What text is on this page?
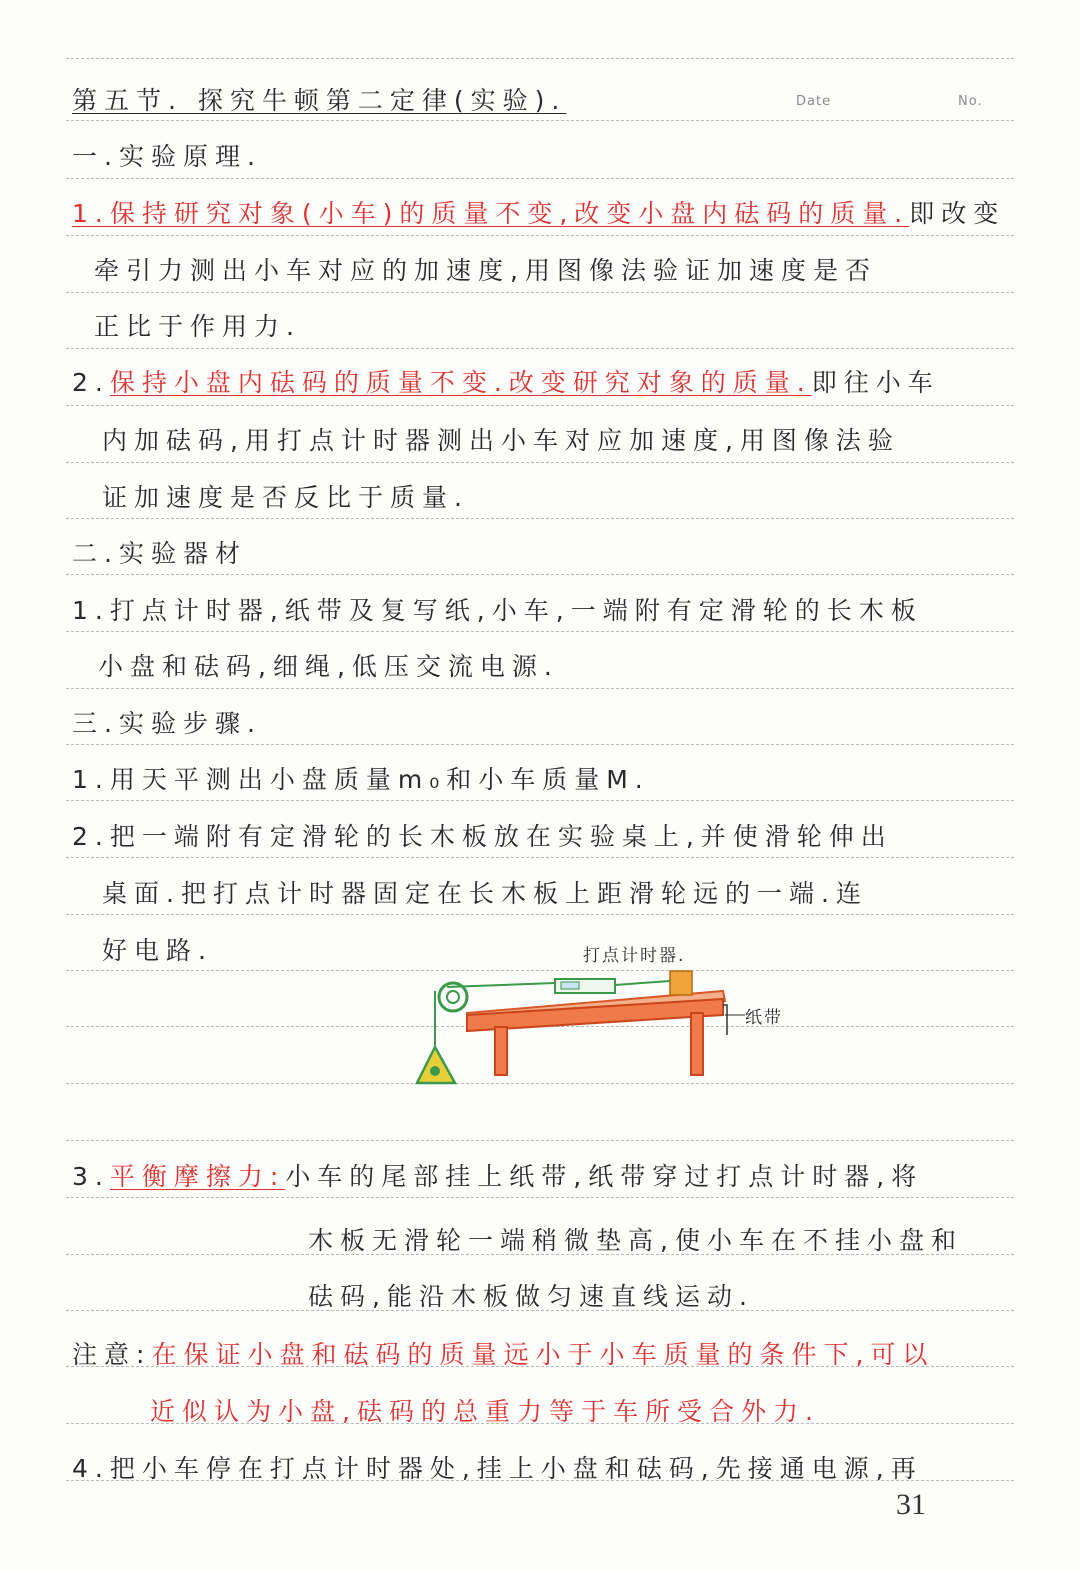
Date	No.
第五节. 探究牛顿第二定律(实验).
一.实验原理.
1.保持研究对象(小车)的质量不变,改变小盘内砝码的质量.即改变
牵引力测出小车对应的加速度,用图像法验证加速度是否
正比于作用力.
2.保持小盘内砝码的质量不变.改变研究对象的质量.即往小车
内加砝码,用打点计时器测出小车对应加速度,用图像法验
证加速度是否反比于质量.
二.实验器材
1.打点计时器,纸带及复写纸,小车,一端附有定滑轮的长木板
小盘和砝码,细绳,低压交流电源.
三.实验步骤.
1.用天平测出小盘质量m₀和小车质量M.
2.把一端附有定滑轮的长木板放在实验桌上,并使滑轮伸出
桌面.把打点计时器固定在长木板上距滑轮远的一端.连
好电路.	打点计时器.
纸带
3.平衡摩擦力:小车的尾部挂上纸带,纸带穿过打点计时器,将
木板无滑轮一端稍微垫高,使小车在不挂小盘和
砝码,能沿木板做匀速直线运动.
注意:在保证小盘和砝码的质量远小于小车质量的条件下,可以
近似认为小盘,砝码的总重力等于车所受合外力.
4.把小车停在打点计时器处,挂上小盘和砝码,先接通电源,再
31
